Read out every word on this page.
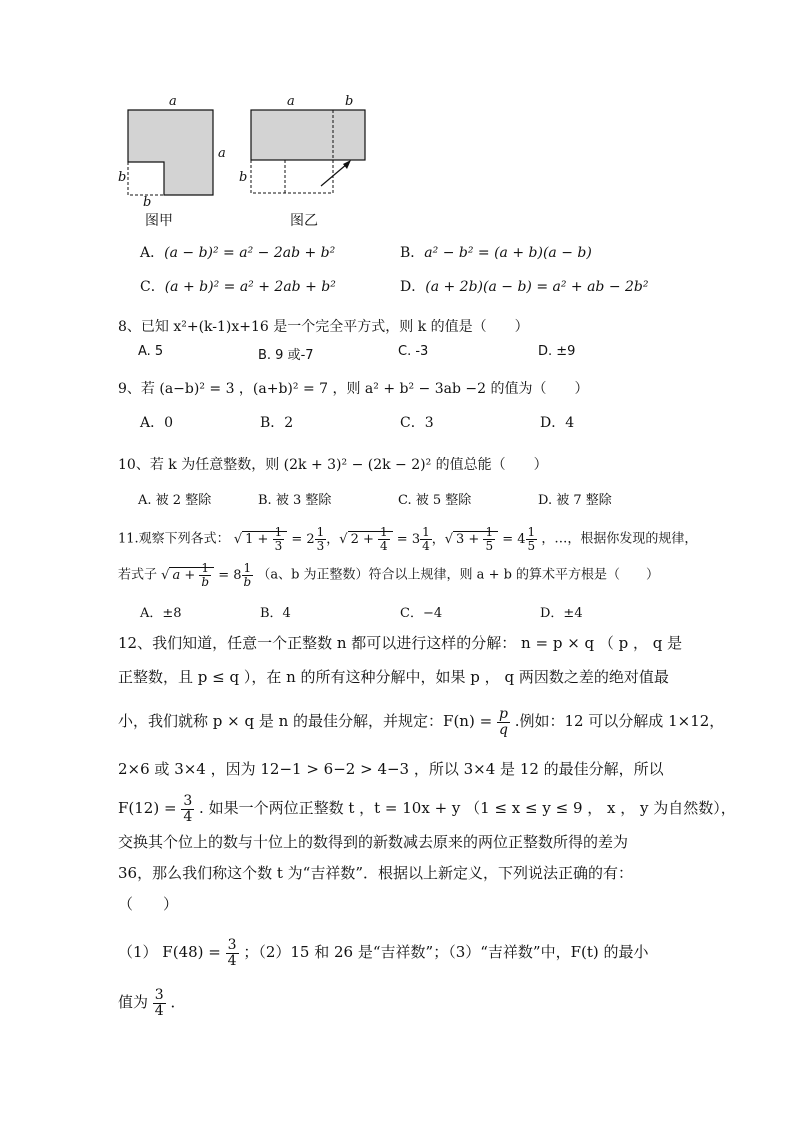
a
a
b
b
a	b
b
图甲	图乙
A．(a − b)² = a² − 2ab + b²	B．a² − b² = (a + b)(a − b)
C．(a + b)² = a² + 2ab + b²	D．(a + 2b)(a − b) = a² + ab − 2b²
8、已知 x²+(k-1)x+16 是一个完全平方式，则 k 的值是（　　）
A. 5	B. 9 或-7	C. -3	D. ±9
9、若 (a−b)² = 3 ，(a+b)² = 7 ，则 a² + b² − 3ab −2 的值为（　　）
A．0	B．2	C．3	D．4
10、若 k 为任意整数，则 (2k + 3)² − (2k − 2)² 的值总能（　　）
A. 被 2 整除	B. 被 3 整除	C. 被 5 整除	D. 被 7 整除
11.观察下列各式： √ $1 + \frac{1}{3} = 2 \frac{1}{3}$ ，√ $2 + \frac{1}{4} = 3 \frac{1}{4}$ ，√ $3 + \frac{1}{5} = 4 \frac{1}{5}$ ，…，根据你发现的规律，
若式子 √ $a + \frac{1}{b} = 8 \frac{1}{b} (a$、b 为正整数）符合以上规律，则 a + b 的算术平方根是（　　）
A．±8	B．4	C．−4	D．±4
12、我们知道，任意一个正整数 n 都可以进行这样的分解： n = p × q （ p ， q 是
正整数，且 p ≤ q ），在 n 的所有这种分解中，如果 p ， q 两因数之差的绝对值最
小，我们就称 p × q 是 n 的最佳分解，并规定：$F(n) = \frac{p}{q}$ .例如：12 可以分解成 1×12，
2×6 或 3×4 ，因为 12−1 > 6−2 > 4−3 ，所以 3×4 是 12 的最佳分解，所以
$F(12) = \frac{3}{4}$ . 如果一个两位正整数 t ，t = 10x + y （1 ≤ x ≤ y ≤ 9 ， x ， y 为自然数），
交换其个位上的数与十位上的数得到的新数减去原来的两位正整数所得的差为
36，那么我们称这个数 t 为“吉祥数”．根据以上新定义，下列说法正确的有：
（　　）
（1） $F(48) = \frac{3}{4}$ ；（2）15 和 26 是“吉祥数”；（3）“吉祥数”中，F(t) 的最小
值为 $\frac{3}{4}$ ．
